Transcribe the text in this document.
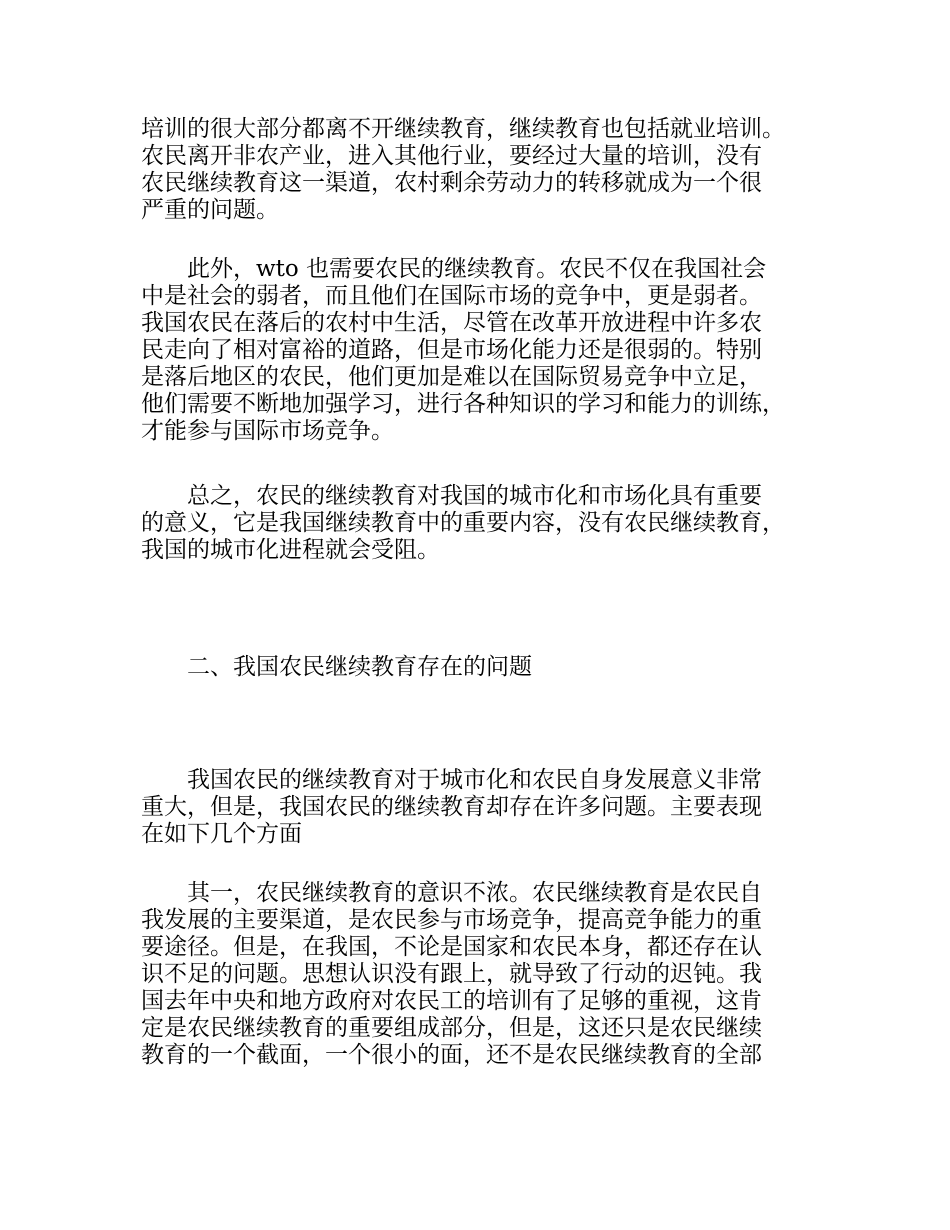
培训的很大部分都离不开继续教育，继续教育也包括就业培训。
农民离开非农产业，进入其他行业，要经过大量的培训，没有
农民继续教育这一渠道，农村剩余劳动力的转移就成为一个很
严重的问题。
　　此外，wto 也需要农民的继续教育。农民不仅在我国社会
中是社会的弱者，而且他们在国际市场的竞争中，更是弱者。
我国农民在落后的农村中生活，尽管在改革开放进程中许多农
民走向了相对富裕的道路，但是市场化能力还是很弱的。特别
是落后地区的农民，他们更加是难以在国际贸易竞争中立足，
他们需要不断地加强学习，进行各种知识的学习和能力的训练，
才能参与国际市场竞争。
　　总之，农民的继续教育对我国的城市化和市场化具有重要
的意义，它是我国继续教育中的重要内容，没有农民继续教育，
我国的城市化进程就会受阻。
　　二、我国农民继续教育存在的问题
　　我国农民的继续教育对于城市化和农民自身发展意义非常
重大，但是，我国农民的继续教育却存在许多问题。主要表现
在如下几个方面
　　其一，农民继续教育的意识不浓。农民继续教育是农民自
我发展的主要渠道，是农民参与市场竞争，提高竞争能力的重
要途径。但是，在我国，不论是国家和农民本身，都还存在认
识不足的问题。思想认识没有跟上，就导致了行动的迟钝。我
国去年中央和地方政府对农民工的培训有了足够的重视，这肯
定是农民继续教育的重要组成部分，但是，这还只是农民继续
教育的一个截面，一个很小的面，还不是农民继续教育的全部
